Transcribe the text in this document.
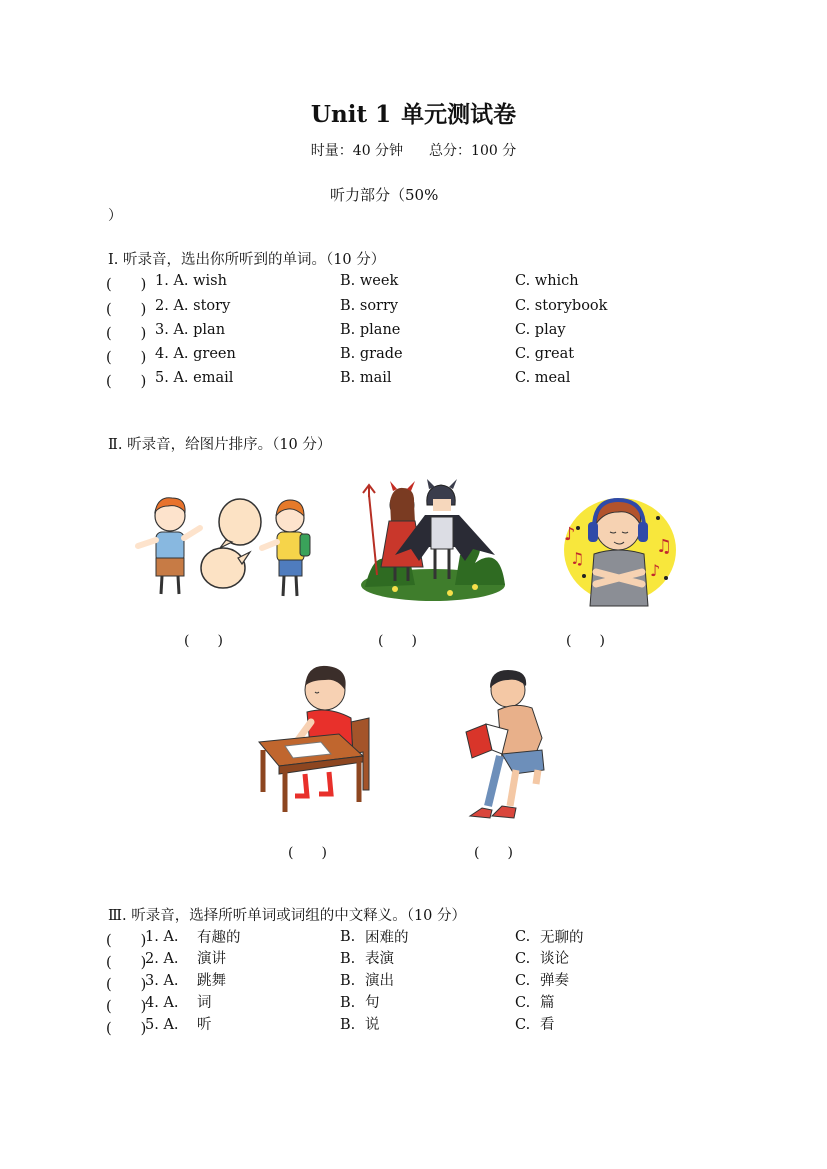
Unit 1 单元测试卷
时量：40 分钟 总分：100 分
听力部分（50%
）
Ⅰ. 听录音，选出你所听到的单词。（10 分）
(　　) 1. A. wish	B. week	C. which
(　　) 2. A. story	B. sorry	C. storybook
(　　) 3. A. plan	B. plane	C. play
(　　) 4. A. green	B. grade	C. great
(　　) 5. A. email	B. mail	C. meal
Ⅱ. 听录音，给图片排序。（10 分）
♪
♫
♫
♪
(　　)	(　　)	(　　)
(　　)	(　　)
Ⅲ. 听录音，选择所听单词或词组的中文释义。（10 分）
(　　)
1. A. 有趣的	B. 困难的	C. 无聊的
(　　)
2. A. 演讲	B. 表演	C. 谈论
(　　)
3. A. 跳舞	B. 演出	C. 弹奏
(　　)
4. A. 词	B. 句	C. 篇
(　　)
5. A. 听	B. 说	C. 看
